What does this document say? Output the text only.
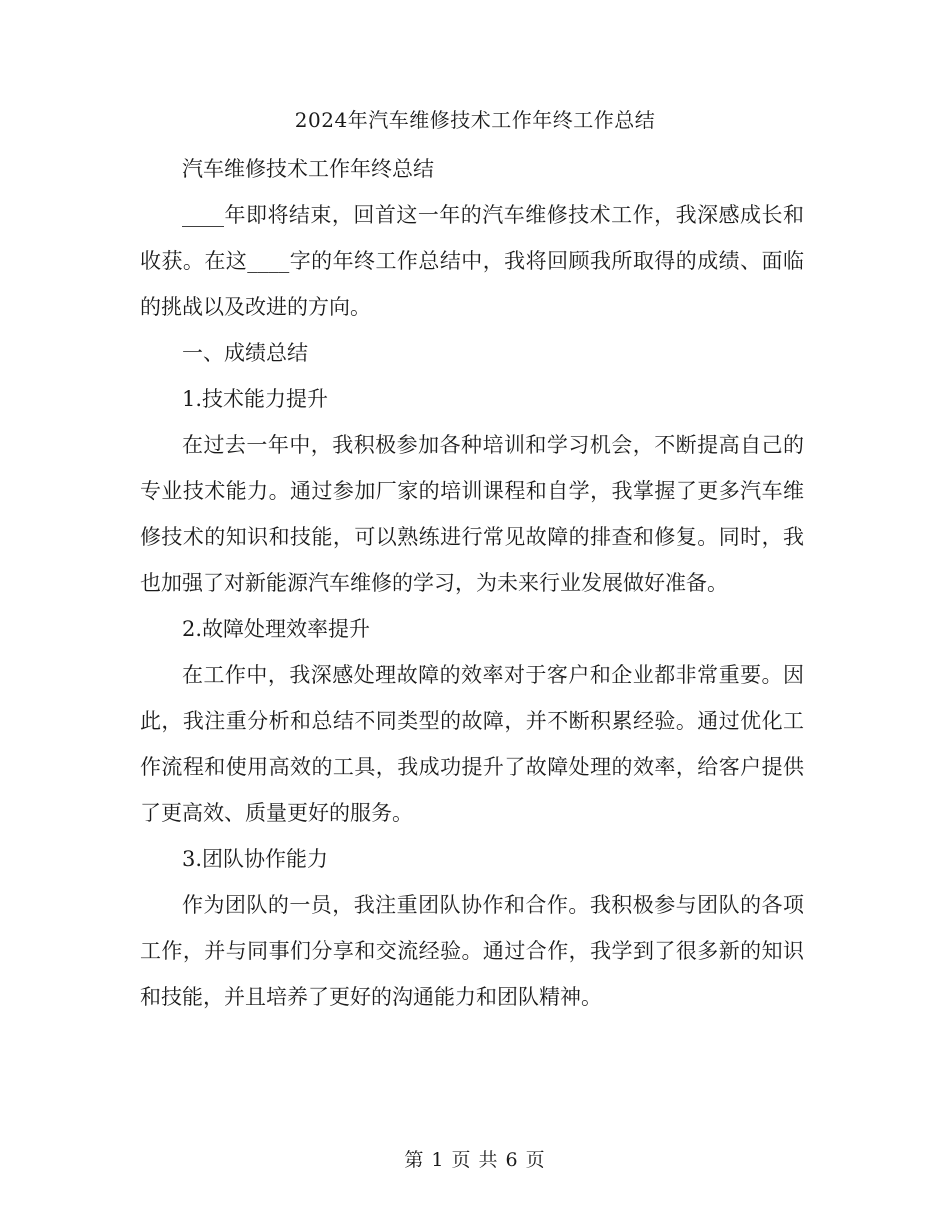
2024年汽车维修技术工作年终工作总结

汽车维修技术工作年终总结

____年即将结束，回首这一年的汽车维修技术工作，我深感成长和收获。在这____字的年终工作总结中，我将回顾我所取得的成绩、面临的挑战以及改进的方向。

一、成绩总结

1.技术能力提升

在过去一年中，我积极参加各种培训和学习机会，不断提高自己的专业技术能力。通过参加厂家的培训课程和自学，我掌握了更多汽车维修技术的知识和技能，可以熟练进行常见故障的排查和修复。同时，我也加强了对新能源汽车维修的学习，为未来行业发展做好准备。

2.故障处理效率提升

在工作中，我深感处理故障的效率对于客户和企业都非常重要。因此，我注重分析和总结不同类型的故障，并不断积累经验。通过优化工作流程和使用高效的工具，我成功提升了故障处理的效率，给客户提供了更高效、质量更好的服务。

3.团队协作能力

作为团队的一员，我注重团队协作和合作。我积极参与团队的各项工作，并与同事们分享和交流经验。通过合作，我学到了很多新的知识和技能，并且培养了更好的沟通能力和团队精神。

第 1 页 共 6 页
